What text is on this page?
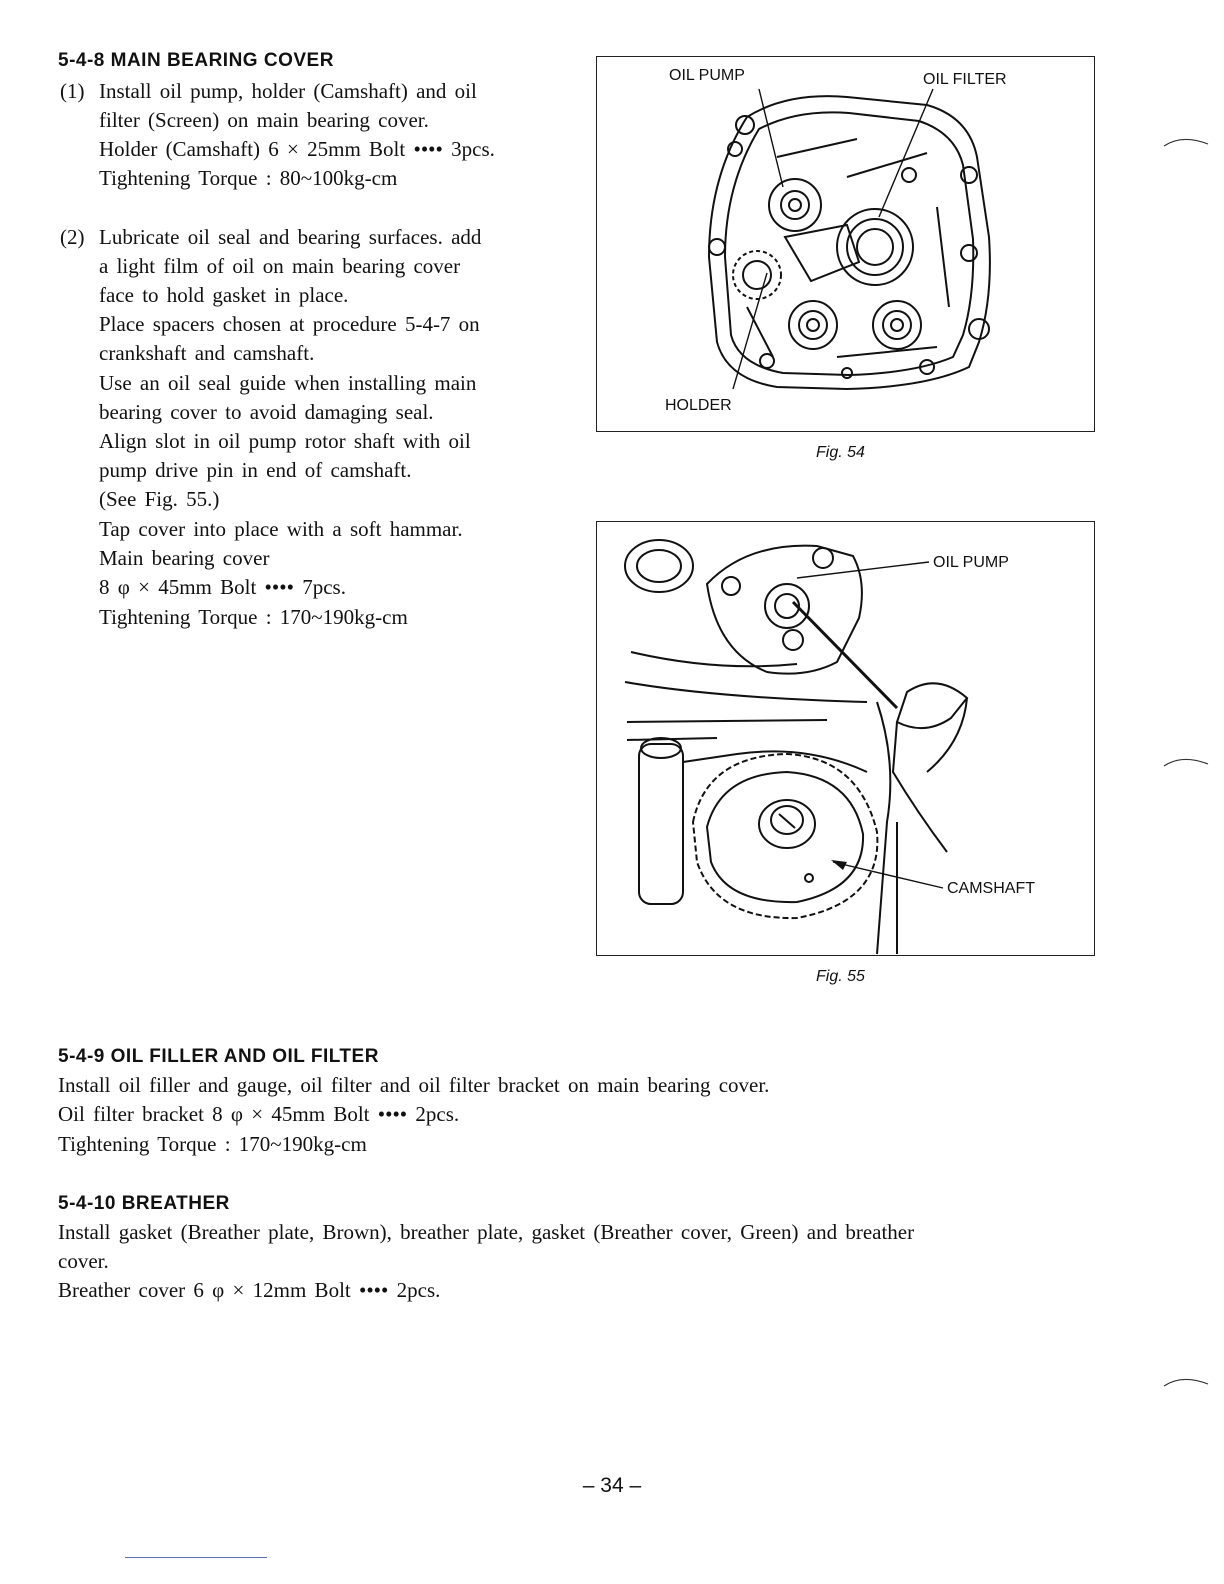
5-4-8 MAIN BEARING COVER
(1) Install oil pump, holder (Camshaft) and oil
filter (Screen) on main bearing cover.
Holder (Camshaft) 6 × 25mm Bolt •••• 3pcs.
Tightening Torque : 80~100kg-cm
(2) Lubricate oil seal and bearing surfaces. add
a light film of oil on main bearing cover
face to hold gasket in place.
Place spacers chosen at procedure 5-4-7 on
crankshaft and camshaft.
Use an oil seal guide when installing main
bearing cover to avoid damaging seal.
Align slot in oil pump rotor shaft with oil
pump drive pin in end of camshaft.
(See Fig. 55.)
Tap cover into place with a soft hammar.
Main bearing cover
8 φ × 45mm Bolt •••• 7pcs.
Tightening Torque : 170~190kg-cm
OIL PUMP	OIL FILTER
HOLDER
Fig. 54
OIL PUMP
CAMSHAFT
Fig. 55
5-4-9 OIL FILLER AND OIL FILTER
Install oil filler and gauge, oil filter and oil filter bracket on main bearing cover.
Oil filter bracket 8 φ × 45mm Bolt •••• 2pcs.
Tightening Torque : 170~190kg-cm
5-4-10 BREATHER
Install gasket (Breather plate, Brown), breather plate, gasket (Breather cover, Green) and breather
cover.
Breather cover 6 φ × 12mm Bolt •••• 2pcs.
– 34 –
